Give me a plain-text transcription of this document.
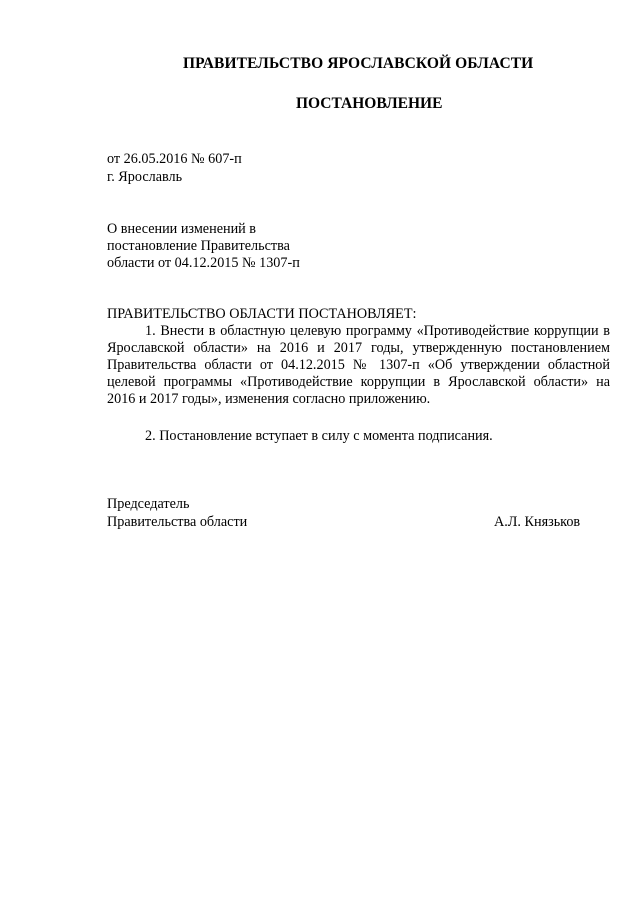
ПРАВИТЕЛЬСТВО ЯРОСЛАВСКОЙ ОБЛАСТИ
ПОСТАНОВЛЕНИЕ
от 26.05.2016 № 607-п
г. Ярославль
О внесении изменений в
постановление Правительства
области от 04.12.2015 № 1307-п
ПРАВИТЕЛЬСТВО ОБЛАСТИ ПОСТАНОВЛЯЕТ:
1. Внести в областную целевую программу «Противодействие коррупции в Ярославской области» на 2016 и 2017 годы, утвержденную постановлением Правительства области от 04.12.2015 № 1307-п «Об утверждении областной целевой программы «Противодействие коррупции в Ярославской области» на 2016 и 2017 годы», изменения согласно приложению.
2. Постановление вступает в силу с момента подписания.
Председатель
Правительства области	А.Л. Князьков
